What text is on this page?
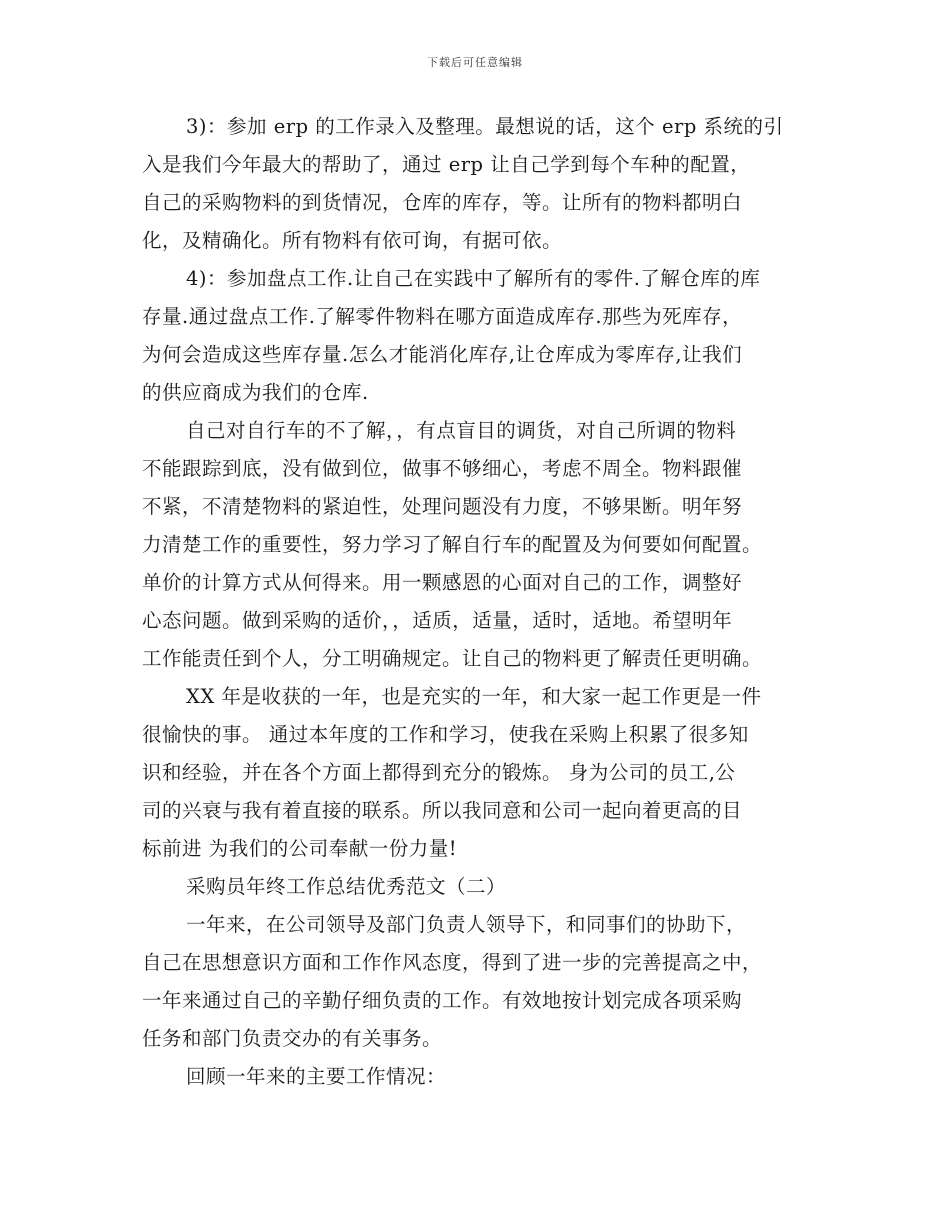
下载后可任意编辑
3)：参加 erp 的工作录入及整理。最想说的话，这个 erp 系统的引
入是我们今年最大的帮助了，通过 erp 让自己学到每个车种的配置，
自己的采购物料的到货情况，仓库的库存，等。让所有的物料都明白
化，及精确化。所有物料有依可询，有据可依。
4)：参加盘点工作.让自己在实践中了解所有的零件.了解仓库的库
存量.通过盘点工作.了解零件物料在哪方面造成库存.那些为死库存，
为何会造成这些库存量.怎么才能消化库存,让仓库成为零库存,让我们
的供应商成为我们的仓库.
自己对自行车的不了解，，有点盲目的调货，对自己所调的物料
不能跟踪到底，没有做到位，做事不够细心，考虑不周全。物料跟催
不紧，不清楚物料的紧迫性，处理问题没有力度，不够果断。明年努
力清楚工作的重要性，努力学习了解自行车的配置及为何要如何配置。
单价的计算方式从何得来。用一颗感恩的心面对自己的工作，调整好
心态问题。做到采购的适价，，适质，适量，适时，适地。希望明年
工作能责任到个人，分工明确规定。让自己的物料更了解责任更明确。
XX 年是收获的一年，也是充实的一年，和大家一起工作更是一件
很愉快的事。 通过本年度的工作和学习，使我在采购上积累了很多知
识和经验，并在各个方面上都得到充分的锻炼。 身为公司的员工,公
司的兴衰与我有着直接的联系。所以我同意和公司一起向着更高的目
标前进 为我们的公司奉献一份力量!
采购员年终工作总结优秀范文（二）
一年来，在公司领导及部门负责人领导下，和同事们的协助下，
自己在思想意识方面和工作作风态度，得到了进一步的完善提高之中，
一年来通过自己的辛勤仔细负责的工作。有效地按计划完成各项采购
任务和部门负责交办的有关事务。
回顾一年来的主要工作情况：
